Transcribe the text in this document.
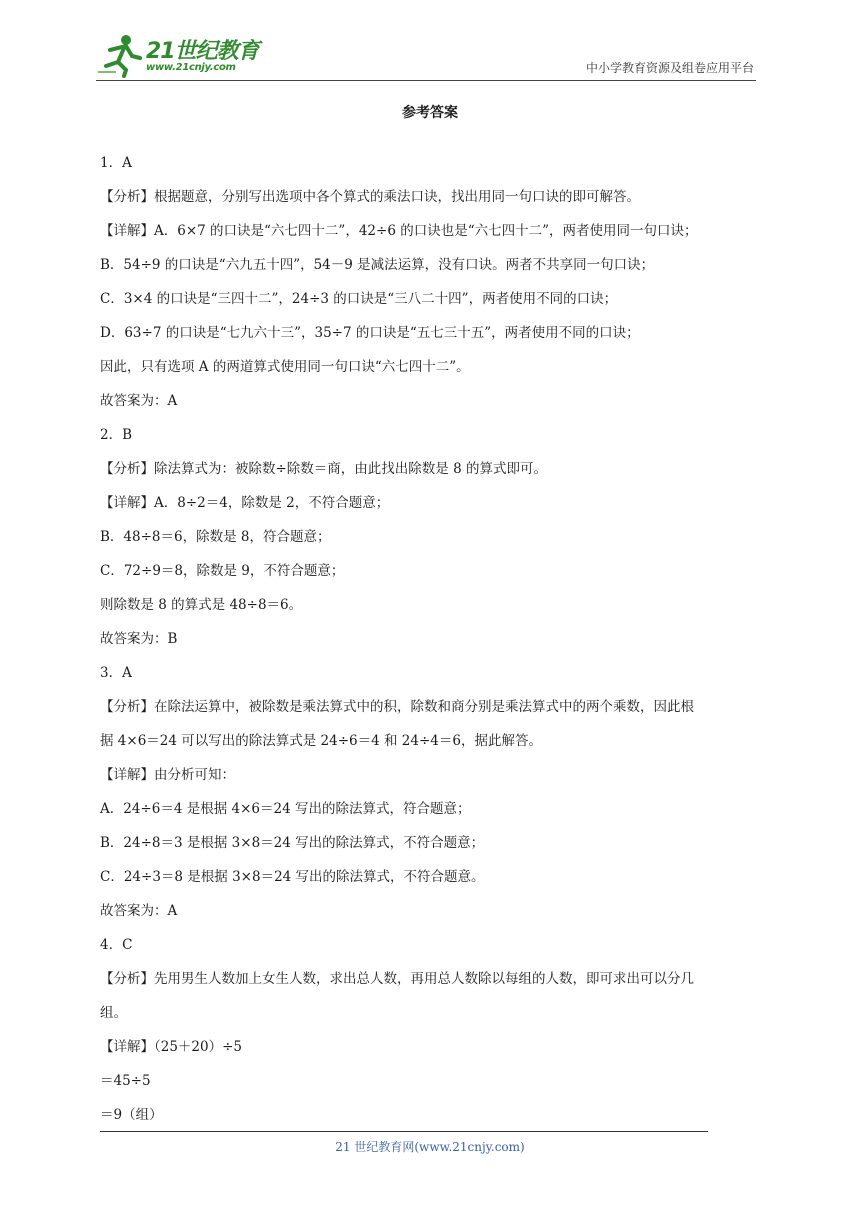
21世纪教育
www.21cnjy.com	中小学教育资源及组卷应用平台
参考答案
1．A
【分析】根据题意，分别写出选项中各个算式的乘法口诀，找出用同一句口诀的即可解答。
【详解】A．6×7 的口诀是“六七四十二”，42÷6 的口诀也是“六七四十二”，两者使用同一句口诀；
B．54÷9 的口诀是“六九五十四”，54－9 是减法运算，没有口诀。两者不共享同一句口诀；
C．3×4 的口诀是“三四十二”，24÷3 的口诀是“三八二十四”，两者使用不同的口诀；
D．63÷7 的口诀是“七九六十三”，35÷7 的口诀是“五七三十五”，两者使用不同的口诀；
因此，只有选项 A 的两道算式使用同一句口诀“六七四十二”。
故答案为：A
2．B
【分析】除法算式为：被除数÷除数＝商，由此找出除数是 8 的算式即可。
【详解】A．8÷2＝4，除数是 2，不符合题意；
B．48÷8＝6，除数是 8，符合题意；
C．72÷9＝8，除数是 9，不符合题意；
则除数是 8 的算式是 48÷8＝6。
故答案为：B
3．A
【分析】在除法运算中，被除数是乘法算式中的积，除数和商分别是乘法算式中的两个乘数，因此根
据 4×6＝24 可以写出的除法算式是 24÷6＝4 和 24÷4＝6，据此解答。
【详解】由分析可知：
A．24÷6＝4 是根据 4×6＝24 写出的除法算式，符合题意；
B．24÷8＝3 是根据 3×8＝24 写出的除法算式，不符合题意；
C．24÷3＝8 是根据 3×8＝24 写出的除法算式，不符合题意。
故答案为：A
4．C
【分析】先用男生人数加上女生人数，求出总人数，再用总人数除以每组的人数，即可求出可以分几
组。
【详解】（25＋20）÷5
＝45÷5
＝9（组）
21 世纪教育网(www.21cnjy.com)
